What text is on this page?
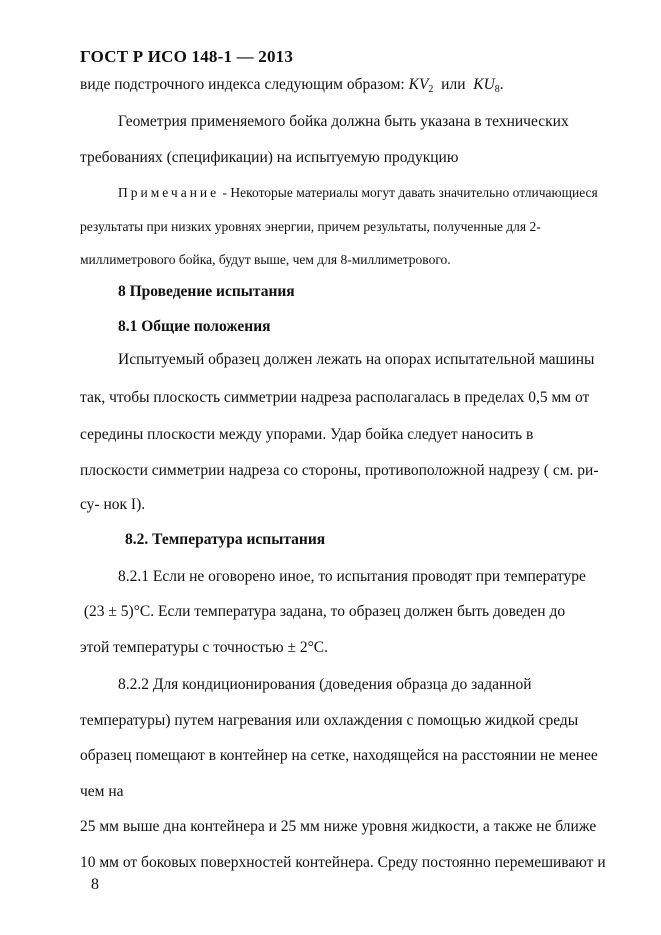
ГОСТ Р ИСО 148-1 — 2013
виде подстрочного индекса следующим образом: $KV_2$  или  $KU_8$.
Геометрия применяемого бойка должна быть указана в технических
требованиях (спецификации) на испытуемую продукцию
Примечание - Некоторые материалы могут давать значительно отличающиеся
результаты при низких уровнях энергии, причем результаты, полученные для 2-
миллиметрового бойка, будут выше, чем для 8-миллиметрового.
8 Проведение испытания
8.1 Общие положения
Испытуемый образец должен лежать на опорах испытательной машины
так, чтобы плоскость симметрии надреза располагалась в пределах 0,5 мм от
середины плоскости между упорами. Удар бойка следует наносить в
плоскости симметрии надреза со стороны, противоположной надрезу ( см. ри-
су- нок I).
8.2. Температура испытания
8.2.1 Если не оговорено иное, то испытания проводят при температуре
(23 ± 5)°С. Если температура задана, то образец должен быть доведен до
этой температуры с точностью ± 2°С.
8.2.2 Для кондиционирования (доведения образца до заданной
температуры) путем нагревания или охлаждения с помощью жидкой среды
образец помещают в контейнер на сетке, находящейся на расстоянии не менее
чем на
25 мм выше дна контейнера и 25 мм ниже уровня жидкости, а также не ближе
10 мм от боковых поверхностей контейнера. Среду постоянно перемешивают и
8
